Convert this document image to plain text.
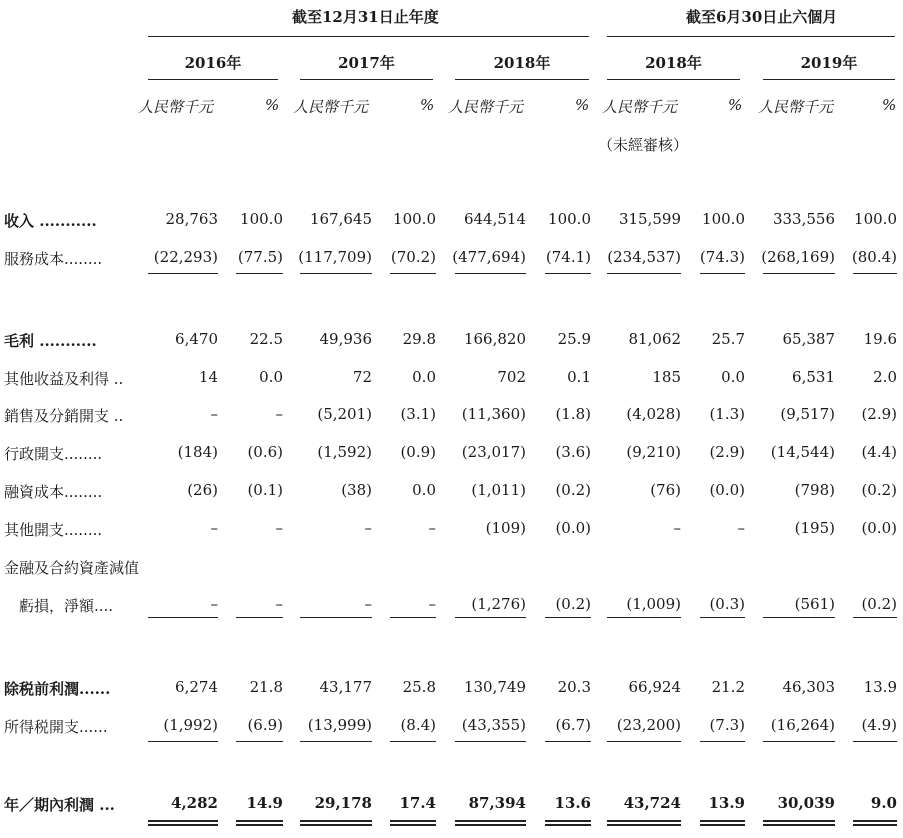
截至12月31日止年度	截至6月30日止六個月
2016年	2017年	2018年	2018年	2019年
人民幣千元	% 人民幣千元	% 人民幣千元	% 人民幣千元	% 人民幣千元	%
（未經審核）
收入 ...........	28,763	100.0	167,645	100.0	644,514	100.0	315,599	100.0	333,556	100.0
服務成本........	(22,293)	(77.5)	(117,709)	(70.2)	(477,694)	(74.1)	(234,537)	(74.3)	(268,169)	(80.4)
毛利 ...........	6,470	22.5	49,936	29.8	166,820	25.9	81,062	25.7	65,387	19.6
其他收益及利得 ..	14	0.0	72	0.0	702	0.1	185	0.0	6,531	2.0
銷售及分銷開支 ..	–	–	(5,201)	(3.1)	(11,360)	(1.8)	(4,028)	(1.3)	(9,517)	(2.9)
行政開支........	(184)	(0.6)	(1,592)	(0.9)	(23,017)	(3.6)	(9,210)	(2.9)	(14,544)	(4.4)
融資成本........	(26)	(0.1)	(38)	0.0	(1,011)	(0.2)	(76)	(0.0)	(798)	(0.2)
其他開支........	–	–	–	–	(109)	(0.0)	–	–	(195)	(0.0)
金融及合約資產減值
　虧損，淨額....	–	–	–	–	(1,276)	(0.2)	(1,009)	(0.3)	(561)	(0.2)
除税前利潤......	6,274	21.8	43,177	25.8	130,749	20.3	66,924	21.2	46,303	13.9
所得税開支......	(1,992)	(6.9)	(13,999)	(8.4)	(43,355)	(6.7)	(23,200)	(7.3)	(16,264)	(4.9)
年／期內利潤 ...	4,282	14.9	29,178	17.4	87,394	13.6	43,724	13.9	30,039	9.0
